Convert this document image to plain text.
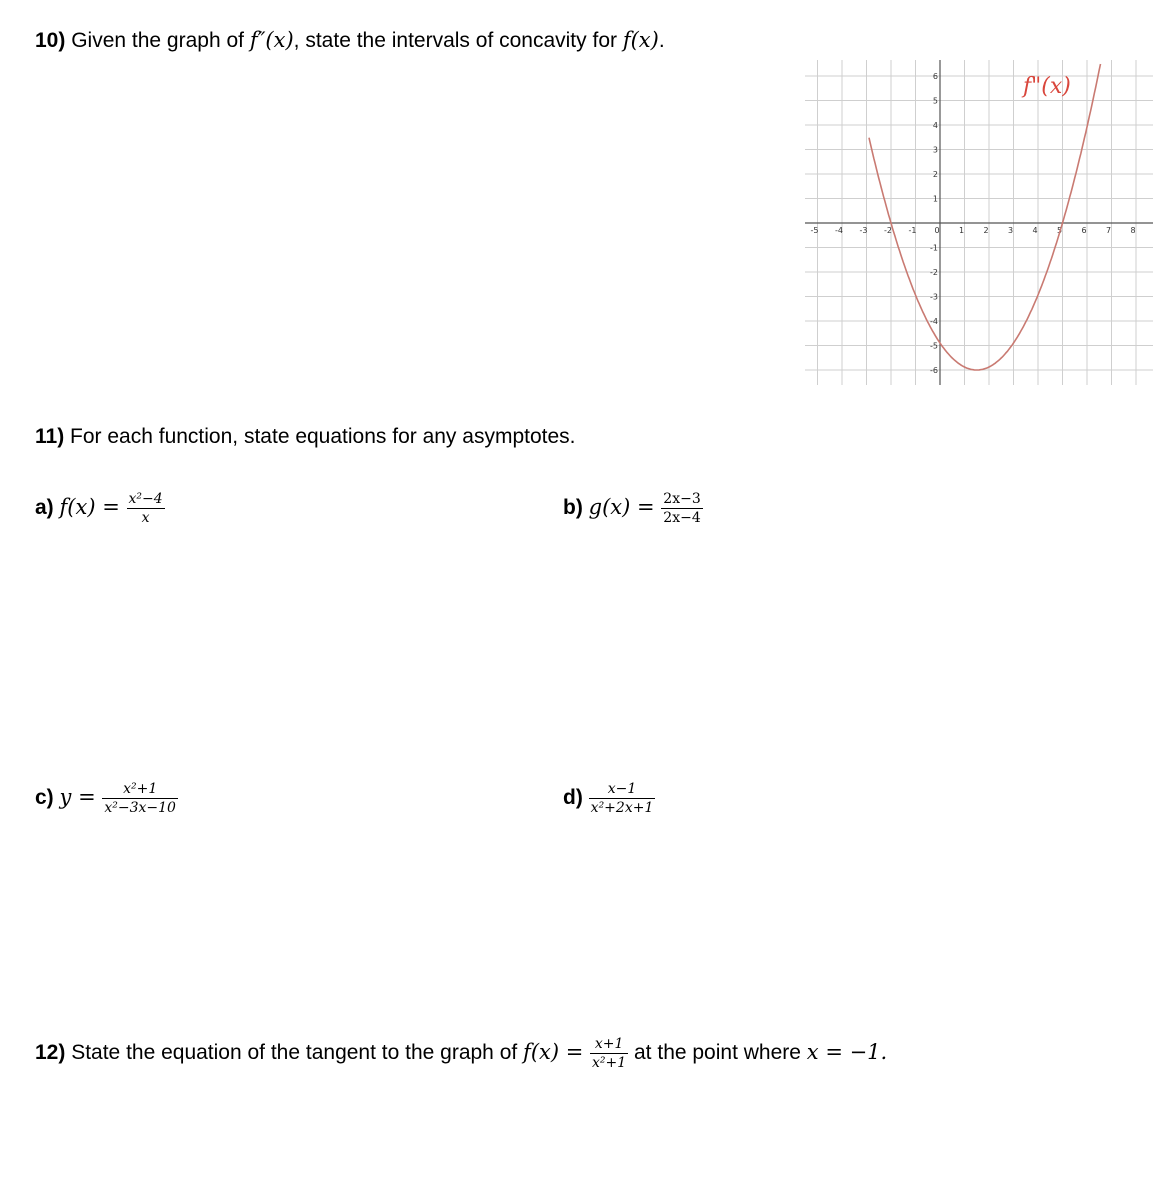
10) Given the graph of f″(x), state the intervals of concavity for f(x).
-5 -4 -3 -2 -1 0 1 2 3 4 5 6 7 8
6
5
4
3
2
1
-1
-2
-3
-4
-5
-6
f"(x)
11) For each function, state equations for any asymptotes.
a) $f(x) = \frac{\text{x²−4}}{x}$	b) $g(x) = \frac{2x-3}{2x-4}$
c) $y = \frac{\text{x²+1}}{\text{x²−3x−10}}$	$d) \frac{x-1}{\text{x²+2x+1}}$
12) State the equation of the tangent to the graph of $f(x) = \frac{x+1}{\text{x²+1}}$ at the point where x = −1.
